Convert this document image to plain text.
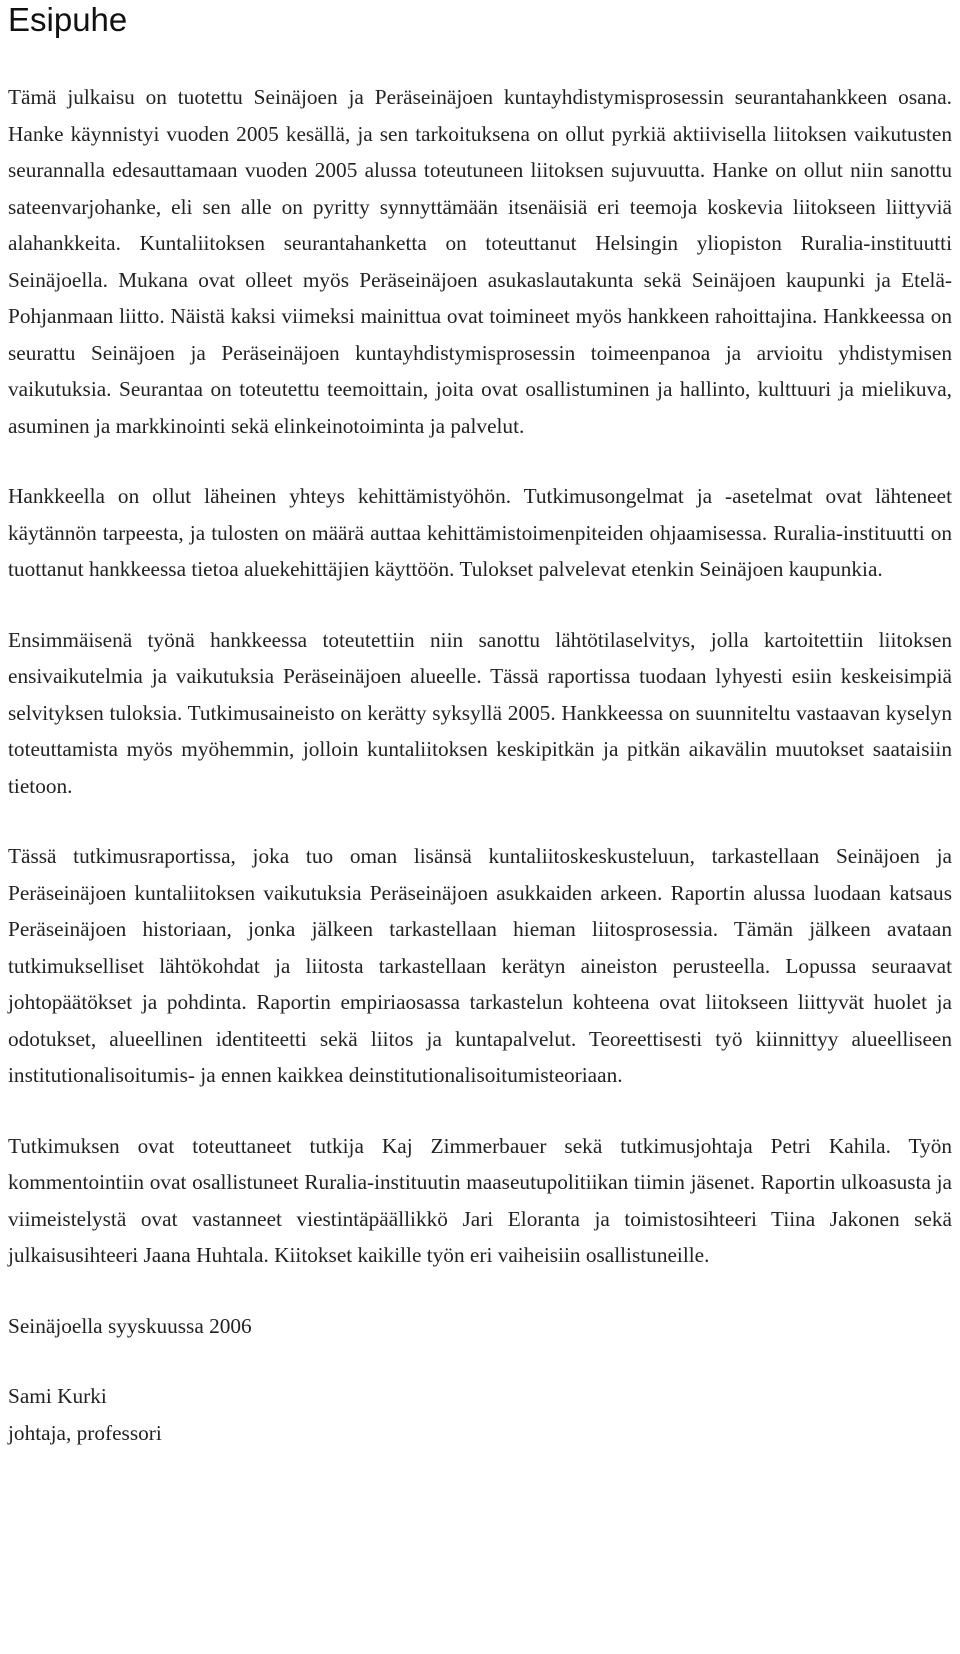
Esipuhe

Tämä julkaisu on tuotettu Seinäjoen ja Peräseinäjoen kuntayhdistymisprosessin seurantahankkeen osana. Hanke käynnistyi vuoden 2005 kesällä, ja sen tarkoituksena on ollut pyrkiä aktiivisella liitoksen vaikutusten seurannalla edesauttamaan vuoden 2005 alussa toteutuneen liitoksen sujuvuutta. Hanke on ollut niin sanottu sateenvarjohanke, eli sen alle on pyritty synnyttämään itsenäisiä eri teemoja koskevia liitokseen liittyviä alahankkeita. Kuntaliitoksen seurantahanketta on toteuttanut Helsingin yliopiston Ruralia-instituutti Seinäjoella. Mukana ovat olleet myös Peräseinäjoen asukaslautakunta sekä Seinäjoen kaupunki ja Etelä-Pohjanmaan liitto. Näistä kaksi viimeksi mainittua ovat toimineet myös hankkeen rahoittajina. Hankkeessa on seurattu Seinäjoen ja Peräseinäjoen kuntayhdistymisprosessin toimeenpanoa ja arvioitu yhdistymisen vaikutuksia. Seurantaa on toteutettu teemoittain, joita ovat osallistuminen ja hallinto, kulttuuri ja mielikuva, asuminen ja markkinointi sekä elinkeinotoiminta ja palvelut.

Hankkeella on ollut läheinen yhteys kehittämistyöhön. Tutkimusongelmat ja -asetelmat ovat lähteneet käytännön tarpeesta, ja tulosten on määrä auttaa kehittämistoimenpiteiden ohjaamisessa. Ruralia-instituutti on tuottanut hankkeessa tietoa aluekehittäjien käyttöön. Tulokset palvelevat etenkin Seinäjoen kaupunkia.

Ensimmäisenä työnä hankkeessa toteutettiin niin sanottu lähtötilaselvitys, jolla kartoitettiin liitoksen ensivaikutelmia ja vaikutuksia Peräseinäjoen alueelle. Tässä raportissa tuodaan lyhyesti esiin keskeisimpiä selvityksen tuloksia. Tutkimusaineisto on kerätty syksyllä 2005. Hankkeessa on suunniteltu vastaavan kyselyn toteuttamista myös myöhemmin, jolloin kuntaliitoksen keskipitkän ja pitkän aikavälin muutokset saataisiin tietoon.

Tässä tutkimusraportissa, joka tuo oman lisänsä kuntaliitoskeskusteluun, tarkastellaan Seinäjoen ja Peräseinäjoen kuntaliitoksen vaikutuksia Peräseinäjoen asukkaiden arkeen. Raportin alussa luodaan katsaus Peräseinäjoen historiaan, jonka jälkeen tarkastellaan hieman liitosprosessia. Tämän jälkeen avataan tutkimukselliset lähtökohdat ja liitosta tarkastellaan kerätyn aineiston perusteella. Lopussa seuraavat johtopäätökset ja pohdinta. Raportin empiriaosassa tarkastelun kohteena ovat liitokseen liittyvät huolet ja odotukset, alueellinen identiteetti sekä liitos ja kuntapalvelut. Teoreettisesti työ kiinnittyy alueelliseen institutionalisoitumis- ja ennen kaikkea deinstitutionalisoitumisteoriaan.

Tutkimuksen ovat toteuttaneet tutkija Kaj Zimmerbauer sekä tutkimusjohtaja Petri Kahila. Työn kommentointiin ovat osallistuneet Ruralia-instituutin maaseutupolitiikan tiimin jäsenet. Raportin ulkoasusta ja viimeistelystä ovat vastanneet viestintäpäällikkö Jari Eloranta ja toimistosihteeri Tiina Jakonen sekä julkaisusihteeri Jaana Huhtala. Kiitokset kaikille työn eri vaiheisiin osallistuneille.

Seinäjoella syyskuussa 2006

Sami Kurki

johtaja, professori
